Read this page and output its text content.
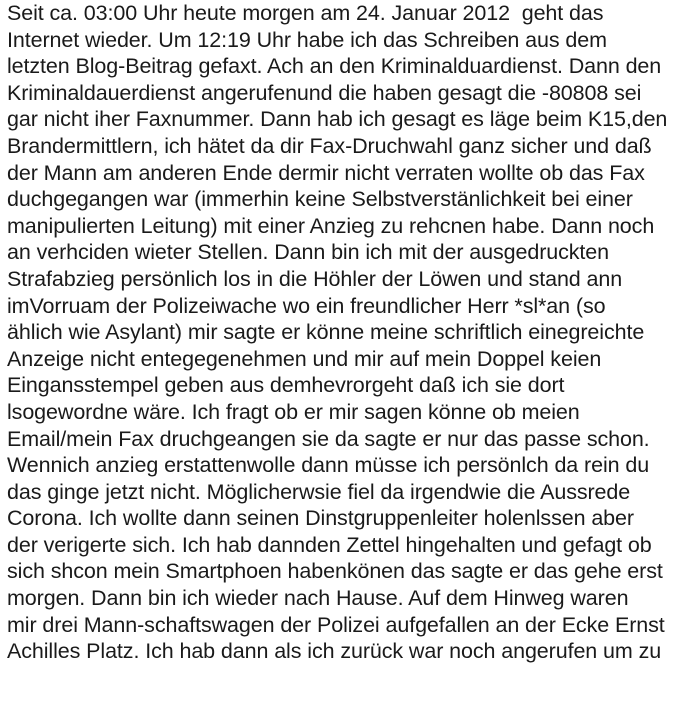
Seit ca. 03:00 Uhr heute morgen am 24. Januar 2012  geht das
Internet wieder. Um 12:19 Uhr habe ich das Schreiben aus dem
letzten Blog-Beitrag gefaxt. Ach an den Kriminalduardienst. Dann den
Kriminaldauerdienst angerufenund die haben gesagt die -80808 sei
gar nicht iher Faxnummer. Dann hab ich gesagt es läge beim K15,den
Brandermittlern, ich hätet da dir Fax-Druchwahl ganz sicher und daß
der Mann am anderen Ende dermir nicht verraten wollte ob das Fax
duchgegangen war (immerhin keine Selbstverstänlichkeit bei einer
manipulierten Leitung) mit einer Anzieg zu rehcnen habe. Dann noch
an verhciden wieter Stellen. Dann bin ich mit der ausgedruckten
Strafabzieg persönlich los in die Höhler der Löwen und stand ann
imVorruam der Polizeiwache wo ein freundlicher Herr *sl*an (so
ählich wie Asylant) mir sagte er könne meine schriftlich einegreichte
Anzeige nicht entegegenehmen und mir auf mein Doppel keien
Eingansstempel geben aus demhevrorgeht daß ich sie dort
lsogewordne wäre. Ich fragt ob er mir sagen könne ob meien
Email/mein Fax druchgeangen sie da sagte er nur das passe schon.
Wennich anzieg erstattenwolle dann müsse ich persönlch da rein du
das ginge jetzt nicht. Möglicherwsie fiel da irgendwie die Aussrede
Corona. Ich wollte dann seinen Dinstgruppenleiter holenlssen aber
der verigerte sich. Ich hab dannden Zettel hingehalten und gefagt ob
sich shcon mein Smartphoen habenkönen das sagte er das gehe erst
morgen. Dann bin ich wieder nach Hause. Auf dem Hinweg waren
mir drei Mann-schaftswagen der Polizei aufgefallen an der Ecke Ernst
Achilles Platz. Ich hab dann als ich zurück war noch angerufen um zu
